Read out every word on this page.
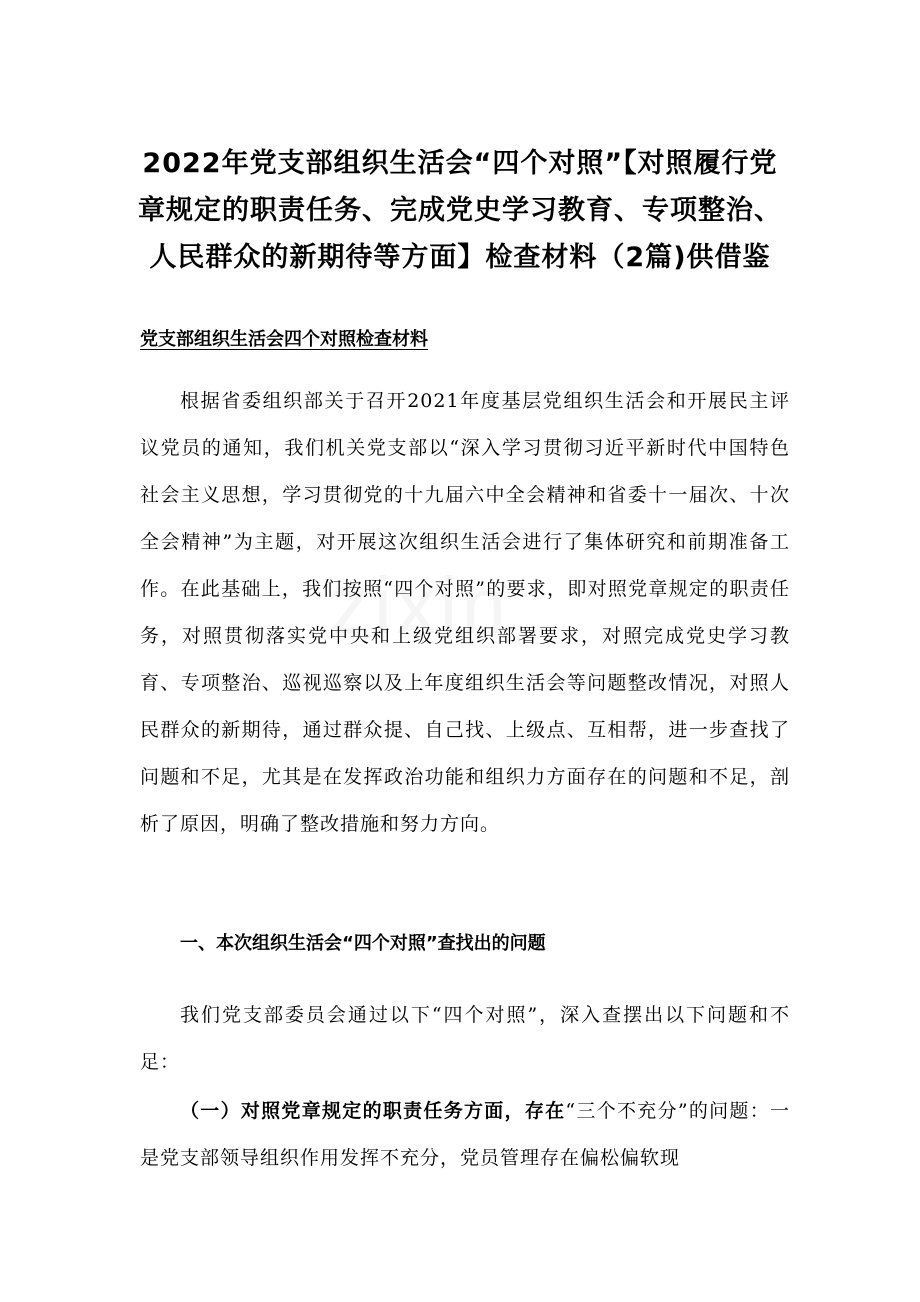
zixin
2022年党支部组织生活会“四个对照”【对照履行党章规定的职责任务、完成党史学习教育、专项整治、人民群众的新期待等方面】检查材料（2篇)供借鉴
党支部组织生活会四个对照检查材料

根据省委组织部关于召开2021年度基层党组织生活会和开展民主评议党员的通知，我们机关党支部以“深入学习贯彻习近平新时代中国特色社会主义思想，学习贯彻党的十九届六中全会精神和省委十一届次、十次全会精神”为主题，对开展这次组织生活会进行了集体研究和前期准备工作。在此基础上，我们按照“四个对照”的要求，即对照党章规定的职责任务，对照贯彻落实党中央和上级党组织部署要求，对照完成党史学习教育、专项整治、巡视巡察以及上年度组织生活会等问题整改情况，对照人民群众的新期待，通过群众提、自己找、上级点、互相帮，进一步查找了问题和不足，尤其是在发挥政治功能和组织力方面存在的问题和不足，剖析了原因，明确了整改措施和努力方向。

一、本次组织生活会“四个对照”查找出的问题

我们党支部委员会通过以下“四个对照”，深入查摆出以下问题和不足：

（一）对照党章规定的职责任务方面，存在“三个不充分”的问题：一是党支部领导组织作用发挥不充分，党员管理存在偏松偏软现
